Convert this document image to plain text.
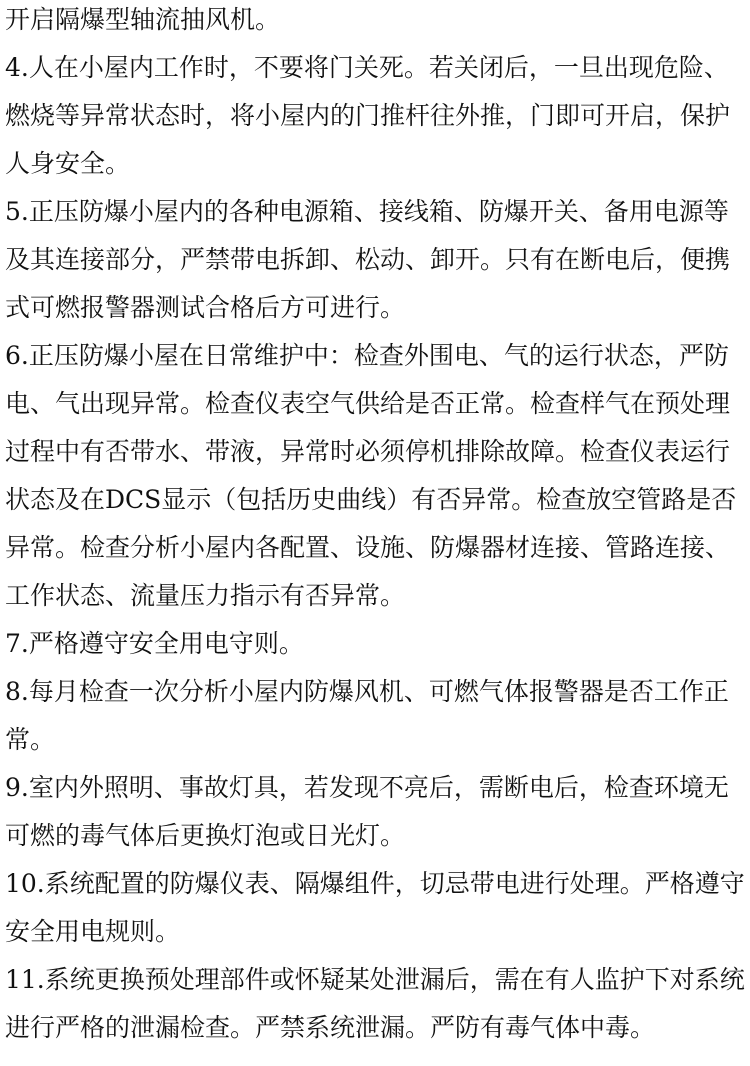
开启隔爆型轴流抽风机。
4.人在小屋内工作时，不要将门关死。若关闭后，一旦出现危险、
燃烧等异常状态时，将小屋内的门推杆往外推，门即可开启，保护
人身安全。
5.正压防爆小屋内的各种电源箱、接线箱、防爆开关、备用电源等
及其连接部分，严禁带电拆卸、松动、卸开。只有在断电后，便携
式可燃报警器测试合格后方可进行。
6.正压防爆小屋在日常维护中：检查外围电、气的运行状态，严防
电、气出现异常。检查仪表空气供给是否正常。检查样气在预处理
过程中有否带水、带液，异常时必须停机排除故障。检查仪表运行
状态及在DCS显示（包括历史曲线）有否异常。检查放空管路是否
异常。检查分析小屋内各配置、设施、防爆器材连接、管路连接、
工作状态、流量压力指示有否异常。
7.严格遵守安全用电守则。
8.每月检查一次分析小屋内防爆风机、可燃气体报警器是否工作正
常。
9.室内外照明、事故灯具，若发现不亮后，需断电后，检查环境无
可燃的毒气体后更换灯泡或日光灯。
10.系统配置的防爆仪表、隔爆组件，切忌带电进行处理。严格遵守
安全用电规则。
11.系统更换预处理部件或怀疑某处泄漏后，需在有人监护下对系统
进行严格的泄漏检查。严禁系统泄漏。严防有毒气体中毒。
